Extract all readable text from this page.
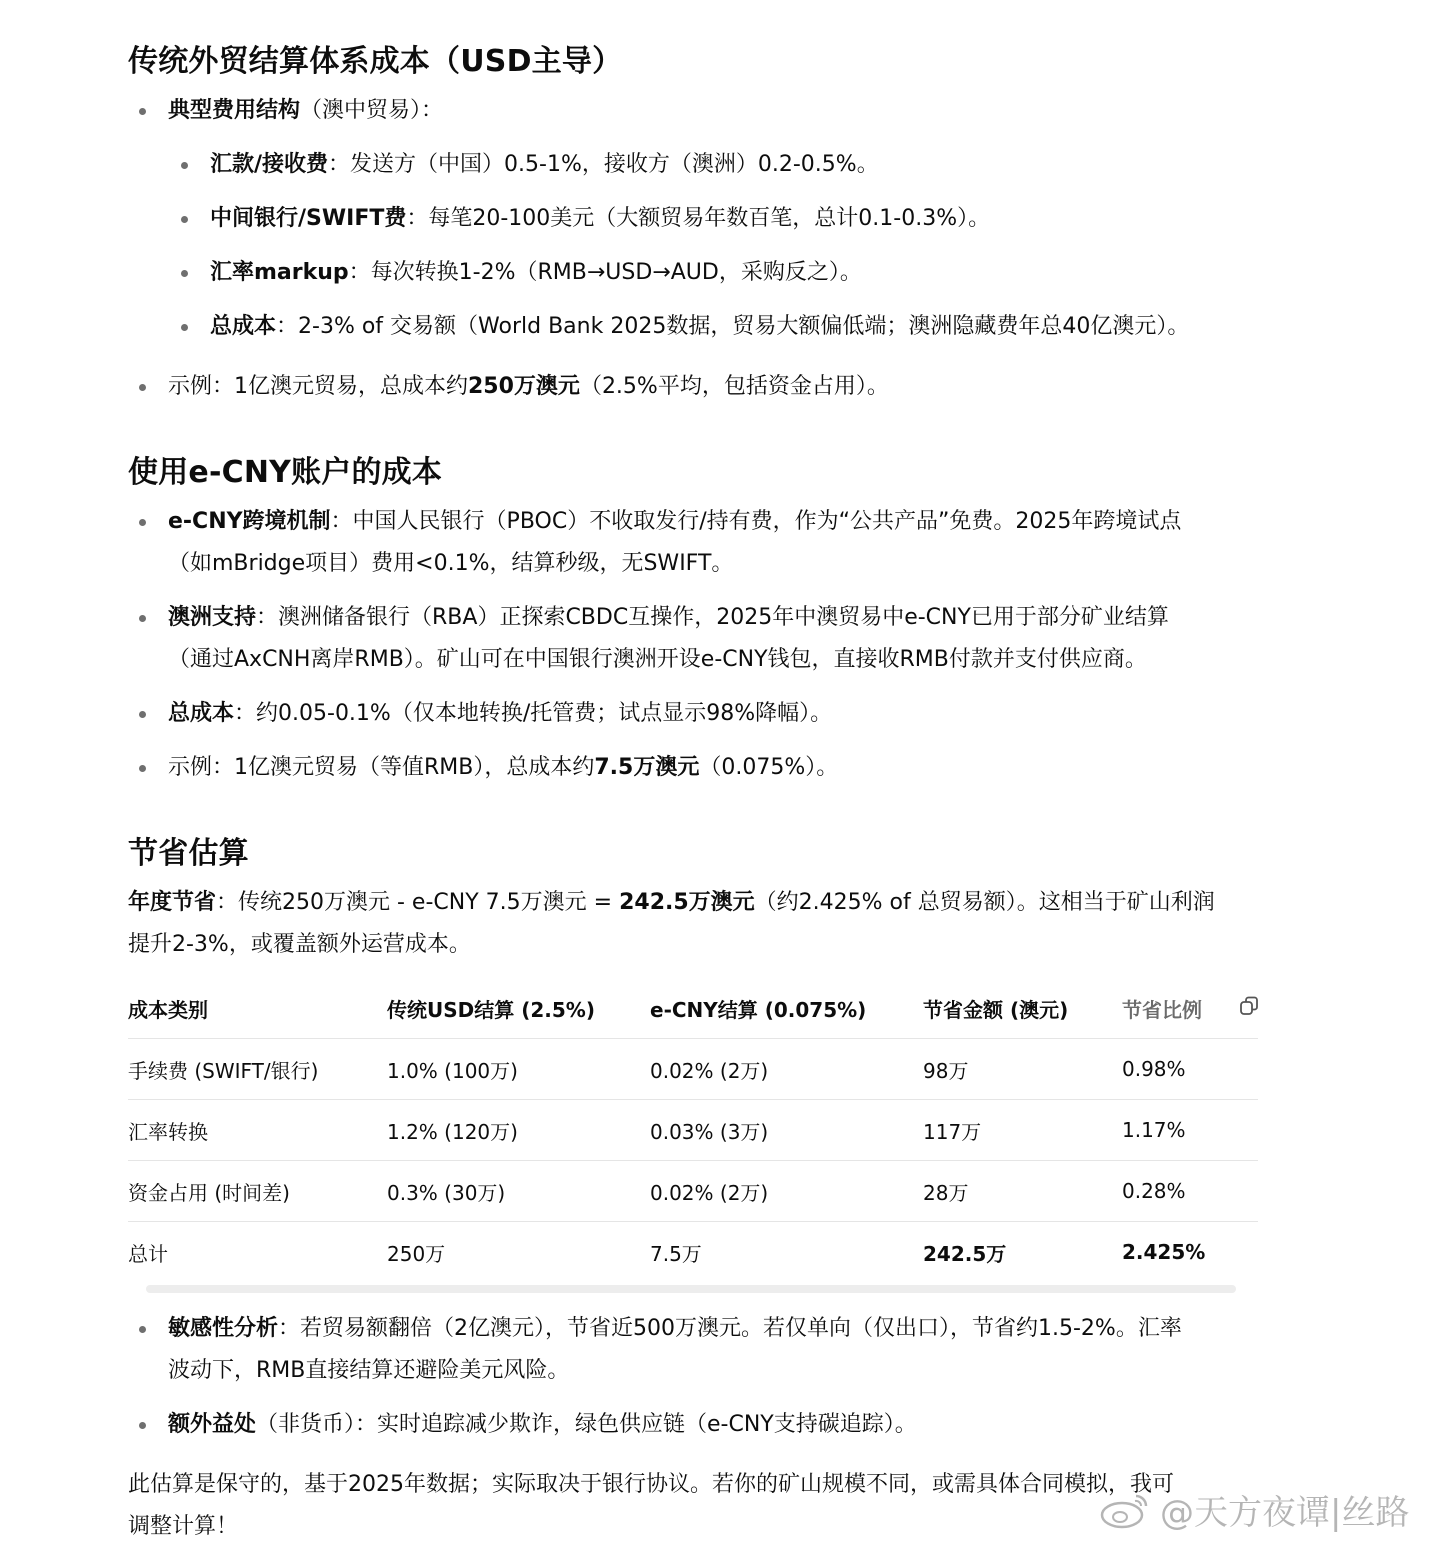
传统外贸结算体系成本（USD主导）
典型费用结构（澳中贸易）：
汇款/接收费：发送方（中国）0.5-1%，接收方（澳洲）0.2-0.5%。
中间银行/SWIFT费：每笔20-100美元（大额贸易年数百笔，总计0.1-0.3%）。
汇率markup：每次转换1-2%（RMB→USD→AUD，采购反之）。
总成本：2-3% of 交易额（World Bank 2025数据，贸易大额偏低端；澳洲隐藏费年总40亿澳元）。
示例：1亿澳元贸易，总成本约250万澳元（2.5%平均，包括资金占用）。
使用e-CNY账户的成本
e-CNY跨境机制：中国人民银行（PBOC）不收取发行/持有费，作为“公共产品”免费。2025年跨境试点
（如mBridge项目）费用<0.1%，结算秒级，无SWIFT。
澳洲支持：澳洲储备银行（RBA）正探索CBDC互操作，2025年中澳贸易中e-CNY已用于部分矿业结算
（通过AxCNH离岸RMB）。矿山可在中国银行澳洲开设e-CNY钱包，直接收RMB付款并支付供应商。
总成本：约0.05-0.1%（仅本地转换/托管费；试点显示98%降幅）。
示例：1亿澳元贸易（等值RMB），总成本约7.5万澳元（0.075%）。
节省估算
年度节省：传统250万澳元 - e-CNY 7.5万澳元 = 242.5万澳元（约2.425% of 总贸易额）。这相当于矿山利润
提升2-3%，或覆盖额外运营成本。
成本类别	传统USD结算 (2.5%)	e-CNY结算 (0.075%)	节省金额 (澳元)	节省比例
手续费 (SWIFT/银行)	1.0% (100万)	0.02% (2万)	98万	0.98%
汇率转换	1.2% (120万)	0.03% (3万)	117万	1.17%
资金占用 (时间差)	0.3% (30万)	0.02% (2万)	28万	0.28%
总计	250万	7.5万	242.5万	2.425%
敏感性分析：若贸易额翻倍（2亿澳元），节省近500万澳元。若仅单向（仅出口），节省约1.5-2%。汇率
波动下，RMB直接结算还避险美元风险。
额外益处（非货币）：实时追踪减少欺诈，绿色供应链（e-CNY支持碳追踪）。
此估算是保守的，基于2025年数据；实际取决于银行协议。若你的矿山规模不同，或需具体合同模拟，我可
调整计算！	@天方夜谭|丝路
